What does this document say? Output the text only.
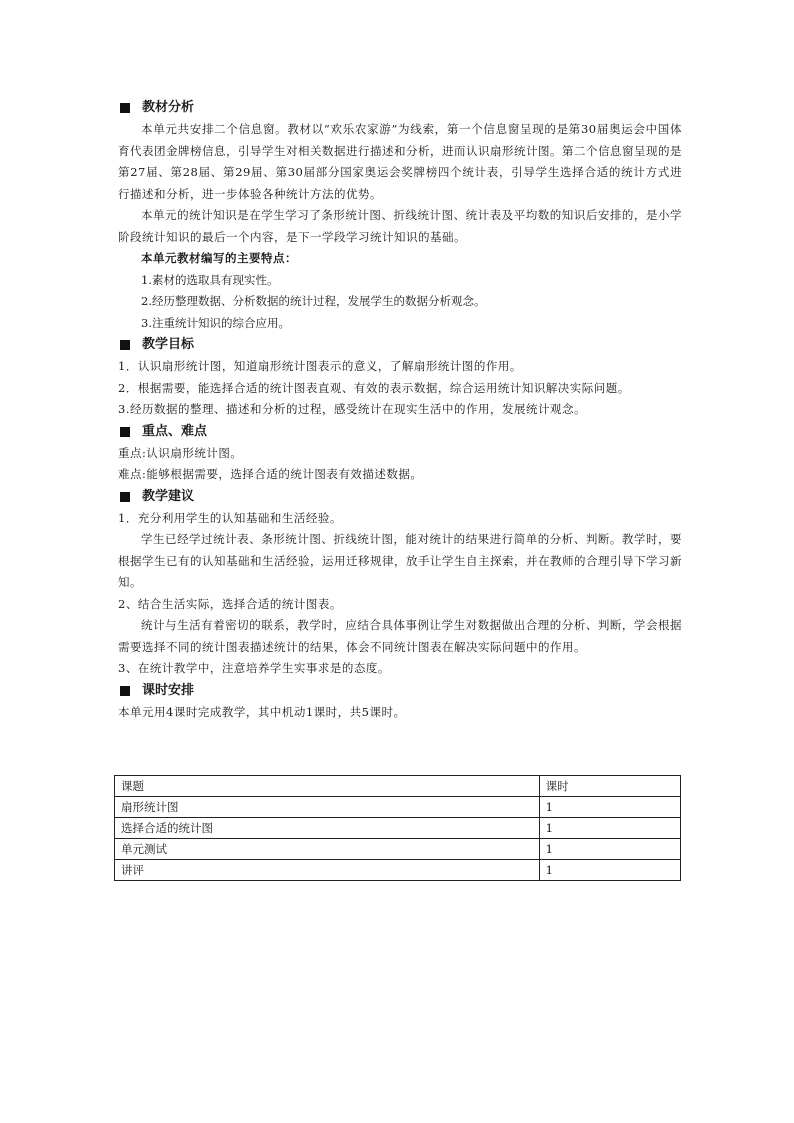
教材分析

本单元共安排二个信息窗。教材以“欢乐农家游”为线索，第一个信息窗呈现的是第30届奥运会中国体育代表团金牌榜信息，引导学生对相关数据进行描述和分析，进而认识扇形统计图。第二个信息窗呈现的是第27届、第28届、第29届、第30届部分国家奥运会奖牌榜四个统计表，引导学生选择合适的统计方式进行描述和分析，进一步体验各种统计方法的优势。

本单元的统计知识是在学生学习了条形统计图、折线统计图、统计表及平均数的知识后安排的，是小学阶段统计知识的最后一个内容，是下一学段学习统计知识的基础。

本单元教材编写的主要特点：

1.素材的选取具有现实性。

2.经历整理数据、分析数据的统计过程，发展学生的数据分析观念。

3.注重统计知识的综合应用。

教学目标

1．认识扇形统计图，知道扇形统计图表示的意义，了解扇形统计图的作用。

2．根据需要，能选择合适的统计图表直观、有效的表示数据，综合运用统计知识解决实际问题。

3.经历数据的整理、描述和分析的过程，感受统计在现实生活中的作用，发展统计观念。

重点、难点

重点:认识扇形统计图。

难点:能够根据需要，选择合适的统计图表有效描述数据。

教学建议

1．充分利用学生的认知基础和生活经验。

学生已经学过统计表、条形统计图、折线统计图，能对统计的结果进行简单的分析、判断。教学时，要根据学生已有的认知基础和生活经验，运用迁移规律，放手让学生自主探索，并在教师的合理引导下学习新知。

2、结合生活实际，选择合适的统计图表。

统计与生活有着密切的联系，教学时，应结合具体事例让学生对数据做出合理的分析、判断，学会根据需要选择不同的统计图表描述统计的结果，体会不同统计图表在解决实际问题中的作用。

3、在统计教学中，注意培养学生实事求是的态度。

课时安排

本单元用4课时完成教学，其中机动1课时，共5课时。

课题	课时
扇形统计图	1
选择合适的统计图	1
单元测试	1
讲评	1
